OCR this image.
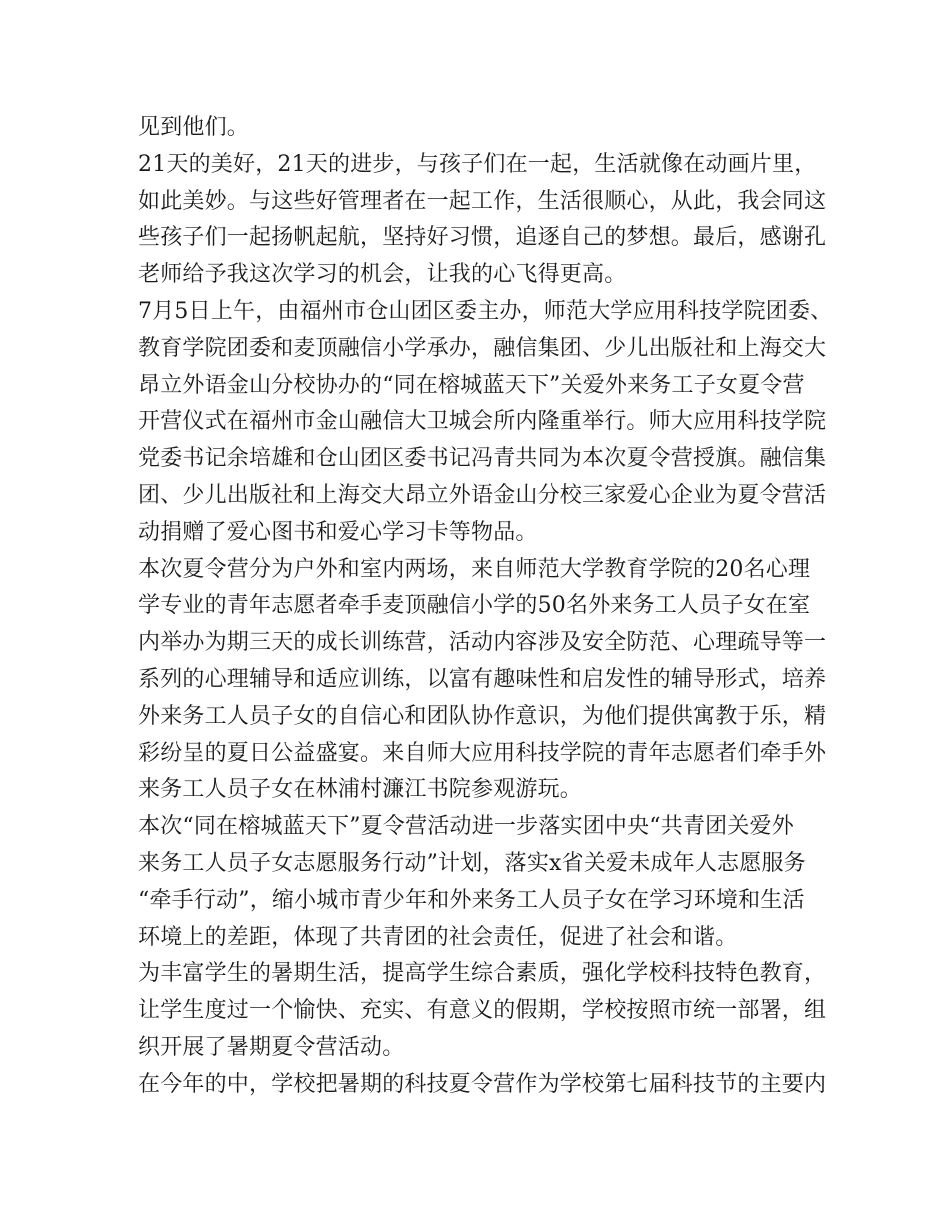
见到他们。
21天的美好，21天的进步，与孩子们在一起，生活就像在动画片里，
如此美妙。与这些好管理者在一起工作，生活很顺心，从此，我会同这
些孩子们一起扬帆起航，坚持好习惯，追逐自己的梦想。最后，感谢孔
老师给予我这次学习的机会，让我的心飞得更高。
7月5日上午，由福州市仓山团区委主办，师范大学应用科技学院团委、
教育学院团委和麦顶融信小学承办，融信集团、少儿出版社和上海交大
昂立外语金山分校协办的“同在榕城蓝天下”关爱外来务工子女夏令营
开营仪式在福州市金山融信大卫城会所内隆重举行。师大应用科技学院
党委书记余培雄和仓山团区委书记冯青共同为本次夏令营授旗。融信集
团、少儿出版社和上海交大昂立外语金山分校三家爱心企业为夏令营活
动捐赠了爱心图书和爱心学习卡等物品。
本次夏令营分为户外和室内两场，来自师范大学教育学院的20名心理
学专业的青年志愿者牵手麦顶融信小学的50名外来务工人员子女在室
内举办为期三天的成长训练营，活动内容涉及安全防范、心理疏导等一
系列的心理辅导和适应训练，以富有趣味性和启发性的辅导形式，培养
外来务工人员子女的自信心和团队协作意识，为他们提供寓教于乐，精
彩纷呈的夏日公益盛宴。来自师大应用科技学院的青年志愿者们牵手外
来务工人员子女在林浦村濂江书院参观游玩。
本次“同在榕城蓝天下”夏令营活动进一步落实团中央“共青团关爱外
来务工人员子女志愿服务行动”计划，落实x省关爱未成年人志愿服务
“牵手行动”，缩小城市青少年和外来务工人员子女在学习环境和生活
环境上的差距，体现了共青团的社会责任，促进了社会和谐。
为丰富学生的暑期生活，提高学生综合素质，强化学校科技特色教育，
让学生度过一个愉快、充实、有意义的假期，学校按照市统一部署，组
织开展了暑期夏令营活动。
在今年的中，学校把暑期的科技夏令营作为学校第七届科技节的主要内
